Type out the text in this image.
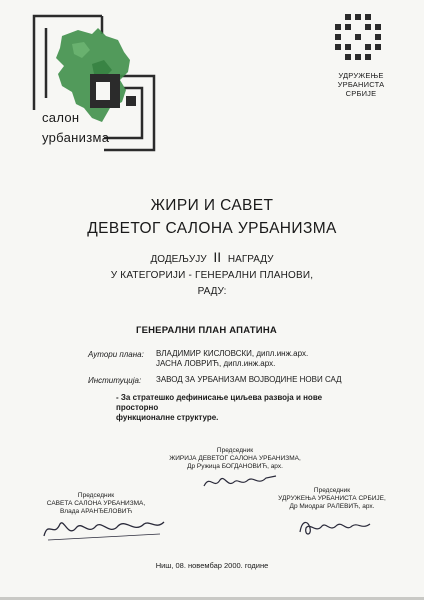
салон
урбанизма
УДРУЖЕЊЕ
УРБАНИСТА
СРБИЈЕ
ЖИРИ И САВЕТ
ДЕВЕТОГ САЛОНА УРБАНИЗМА
ДОДЕЉУЈУ II НАГРАДУ
У КАТЕГОРИЈИ - ГЕНЕРАЛНИ ПЛАНОВИ,
РАДУ:
ГЕНЕРАЛНИ ПЛАН АПАТИНА
Аутори плана: ВЛАДИМИР КИСЛОВСКИ, дипл.инж.арх.
ЈАСНА ЛОВРИЋ, дипл.инж.арх.
Институција: ЗАВОД ЗА УРБАНИЗАМ ВОЈВОДИНЕ НОВИ САД
- За стратешко дефинисање циљева развоја и нове просторно
функционалне структуре.
Председник
ЖИРИЈА ДЕВЕТОГ САЛОНА УРБАНИЗМА,
Др Ружица БОГДАНОВИЋ, арх.
Председник
САВЕТА САЛОНА УРБАНИЗМА,
Влада АРАНЂЕЛОВИЋ
Председник
УДРУЖЕЊА УРБАНИСТА СРБИЈЕ,
Др Миодраг РАЛЕВИЋ, арх.
Ниш, 08. новембар 2000. године
